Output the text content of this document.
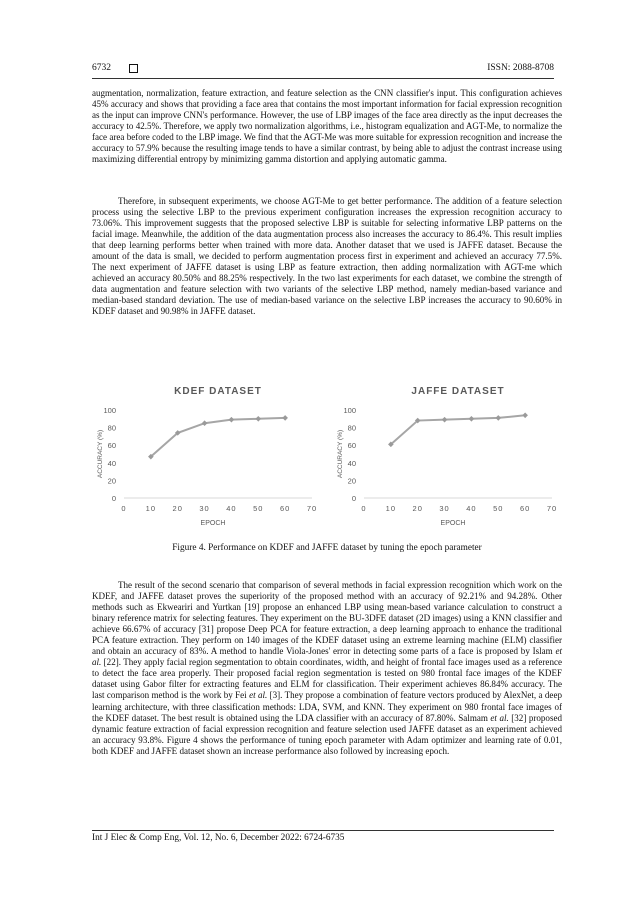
6732	ISSN: 2088-8708

augmentation, normalization, feature extraction, and feature selection as the CNN classifier's input. This configuration achieves 45% accuracy and shows that providing a face area that contains the most important information for facial expression recognition as the input can improve CNN's performance. However, the use of LBP images of the face area directly as the input decreases the accuracy to 42.5%. Therefore, we apply two normalization algorithms, i.e., histogram equalization and AGT-Me, to normalize the face area before coded to the LBP image. We find that the AGT-Me was more suitable for expression recognition and increase the accuracy to 57.9% because the resulting image tends to have a similar contrast, by being able to adjust the contrast increase using maximizing differential entropy by minimizing gamma distortion and applying automatic gamma.

Therefore, in subsequent experiments, we choose AGT-Me to get better performance. The addition of a feature selection process using the selective LBP to the previous experiment configuration increases the expression recognition accuracy to 73.06%. This improvement suggests that the proposed selective LBP is suitable for selecting informative LBP patterns on the facial image. Meanwhile, the addition of the data augmentation process also increases the accuracy to 86.4%. This result implies that deep learning performs better when trained with more data. Another dataset that we used is JAFFE dataset. Because the amount of the data is small, we decided to perform augmentation process first in experiment and achieved an accuracy 77.5%. The next experiment of JAFFE dataset is using LBP as feature extraction, then adding normalization with AGT-me which achieved an accuracy 80.50% and 88.25% respectively. In the two last experiments for each dataset, we combine the strength of data augmentation and feature selection with two variants of the selective LBP method, namely median-based variance and median-based standard deviation. The use of median-based variance on the selective LBP increases the accuracy to 90.60% in KDEF dataset and 90.98% in JAFFE dataset.

KDEF DATASET
0
20
40
60
80
100
0	10 20 30 40 50 60 70
ACCURACY (%)
EPOCH
JAFFE DATASET
0
20
40
60
80
100
0	10 20 30 40 50 60 70
ACCURACY (%)
EPOCH
Figure 4. Performance on KDEF and JAFFE dataset by tuning the epoch parameter

The result of the second scenario that comparison of several methods in facial expression recognition which work on the KDEF, and JAFFE dataset proves the superiority of the proposed method with an accuracy of 92.21% and 94.28%. Other methods such as Ekweariri and Yurtkan [19] propose an enhanced LBP using mean-based variance calculation to construct a binary reference matrix for selecting features. They experiment on the BU-3DFE dataset (2D images) using a KNN classifier and achieve 66.67% of accuracy [31] propose Deep PCA for feature extraction, a deep learning approach to enhance the traditional PCA feature extraction. They perform on 140 images of the KDEF dataset using an extreme learning machine (ELM) classifier and obtain an accuracy of 83%. A method to handle Viola-Jones' error in detecting some parts of a face is proposed by Islam et al. [22]. They apply facial region segmentation to obtain coordinates, width, and height of frontal face images used as a reference to detect the face area properly. Their proposed facial region segmentation is tested on 980 frontal face images of the KDEF dataset using Gabor filter for extracting features and ELM for classification. Their experiment achieves 86.84% accuracy. The last comparison method is the work by Fei et al. [3]. They propose a combination of feature vectors produced by AlexNet, a deep learning architecture, with three classification methods: LDA, SVM, and KNN. They experiment on 980 frontal face images of the KDEF dataset. The best result is obtained using the LDA classifier with an accuracy of 87.80%. Salmam et al. [32] proposed dynamic feature extraction of facial expression recognition and feature selection used JAFFE dataset as an experiment achieved an accuracy 93.8%. Figure 4 shows the performance of tuning epoch parameter with Adam optimizer and learning rate of 0.01, both KDEF and JAFFE dataset shown an increase performance also followed by increasing epoch.

Int J Elec & Comp Eng, Vol. 12, No. 6, December 2022: 6724-6735
